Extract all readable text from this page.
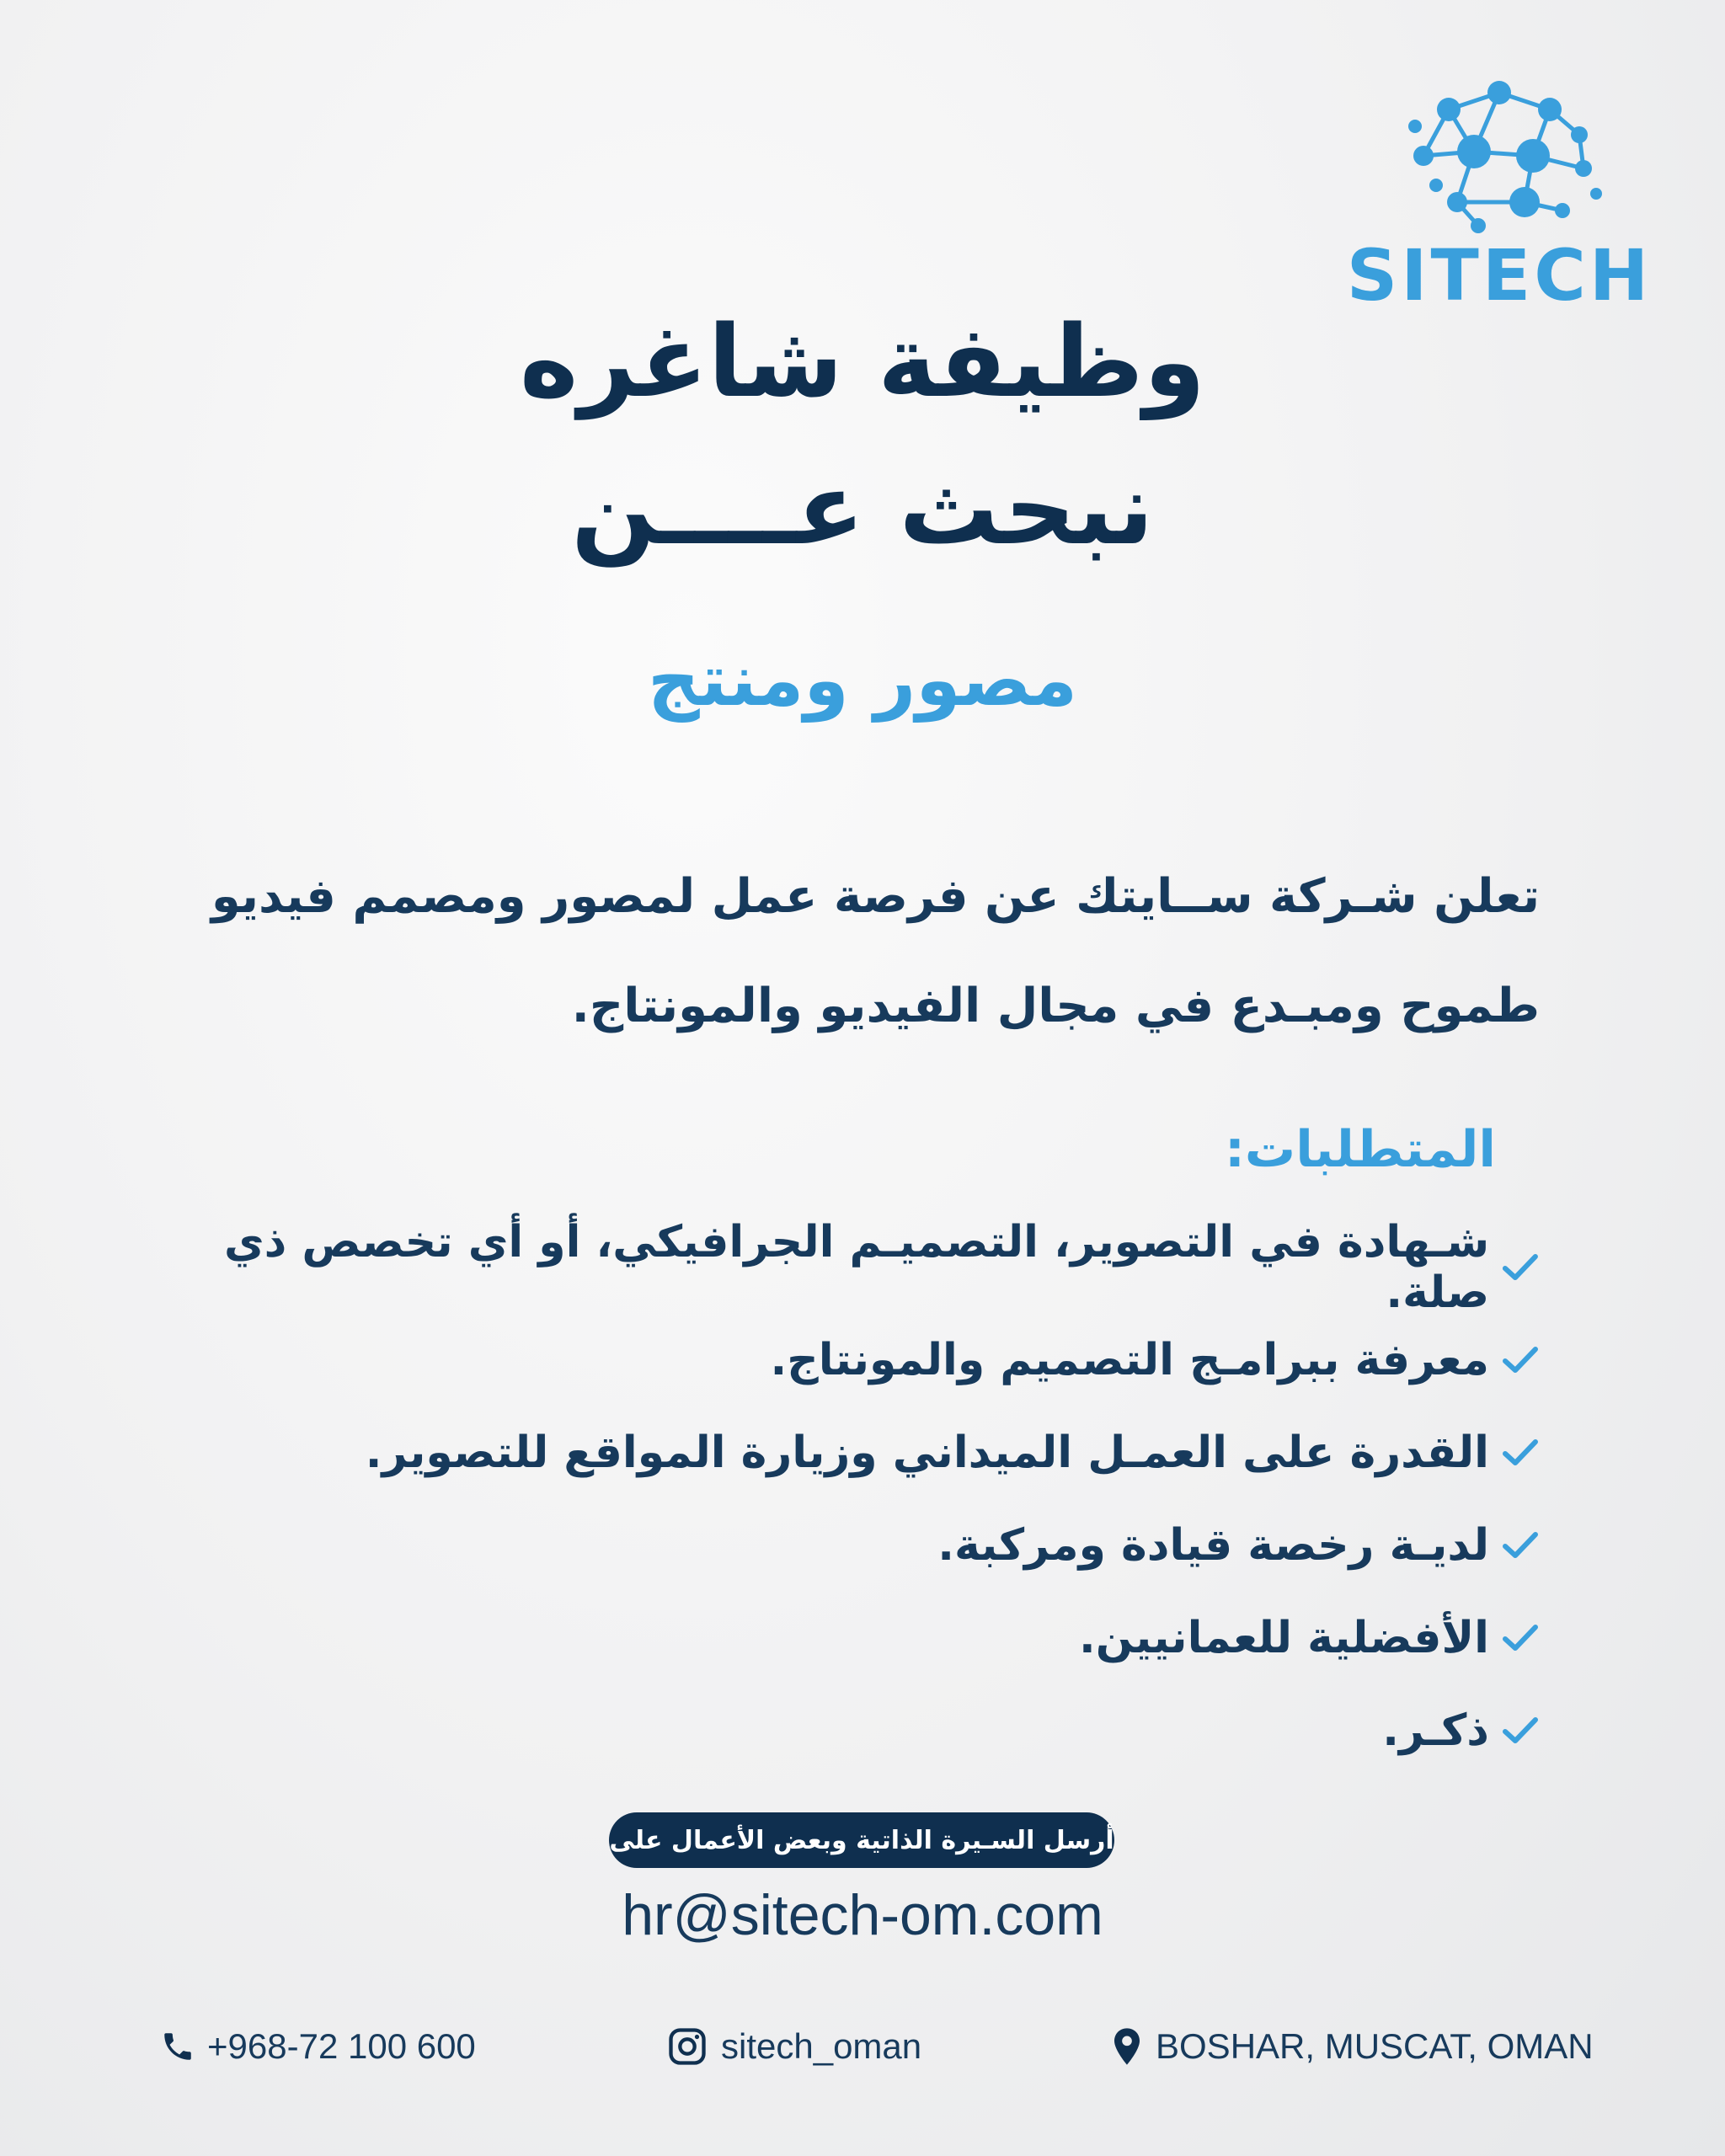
SITECH
وظيفة شاغره
نبحث عــــن
مصور ومنتج
تعلن شـركة ســايتك عن فرصة عمل لمصور ومصمم فيديو
طموح ومبـدع في مجال الفيديو والمونتاج.
المتطلبات:
شـهادة في التصوير، التصميـم الجرافيكي، أو أي تخصص ذي صلة.
معرفة ببرامـج التصميم والمونتاج.
القدرة على العمـل الميداني وزيارة المواقع للتصوير.
لديـة رخصة قيادة ومركبة.
الأفضلية للعمانيين.
ذكـر.
أرسل السـيرة الذاتية وبعض الأعمال على
hr@sitech-om.com
+968-72 100 600	sitech_oman	BOSHAR, MUSCAT, OMAN
